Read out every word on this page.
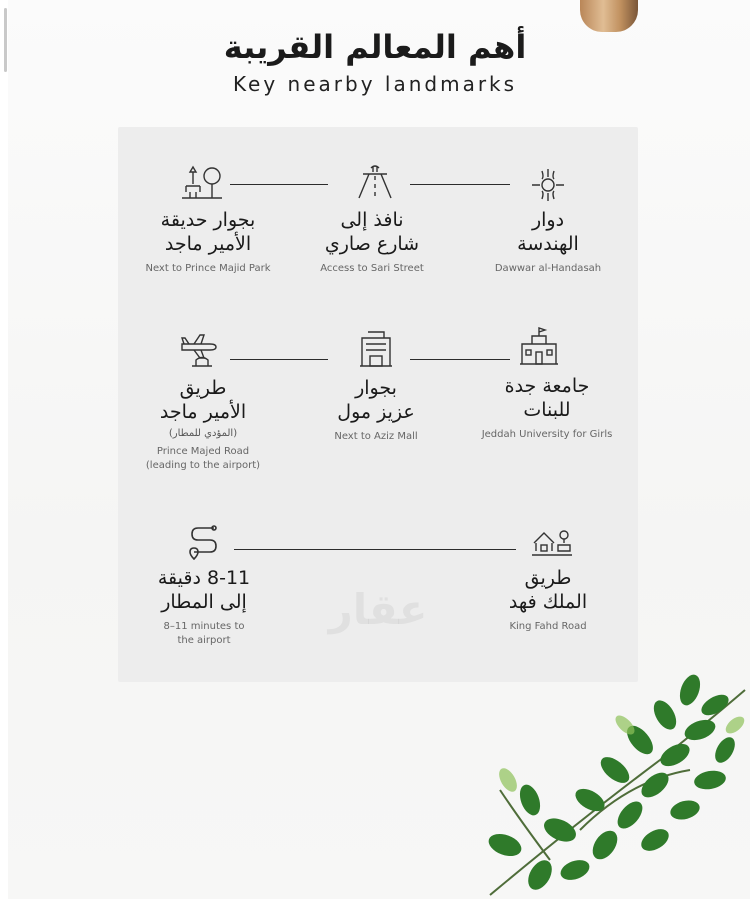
أهم المعالم القريبة
Key nearby landmarks
عقار
دوار
الهندسة
Dawwar al-Handasah
نافذ إلى
شارع صاري
Access to Sari Street
بجوار حديقة
الأمير ماجد
Next to Prince Majid Park
جامعة جدة
للبنات
Jeddah University for Girls
بجوار
عزيز مول
Next to Aziz Mall
طريق
الأمير ماجد
(المؤدي للمطار)
Prince Majed Road
(leading to the airport)
طريق
الملك فهد
King Fahd Road
8-11 دقيقة
إلى المطار
8–11 minutes to
the airport
